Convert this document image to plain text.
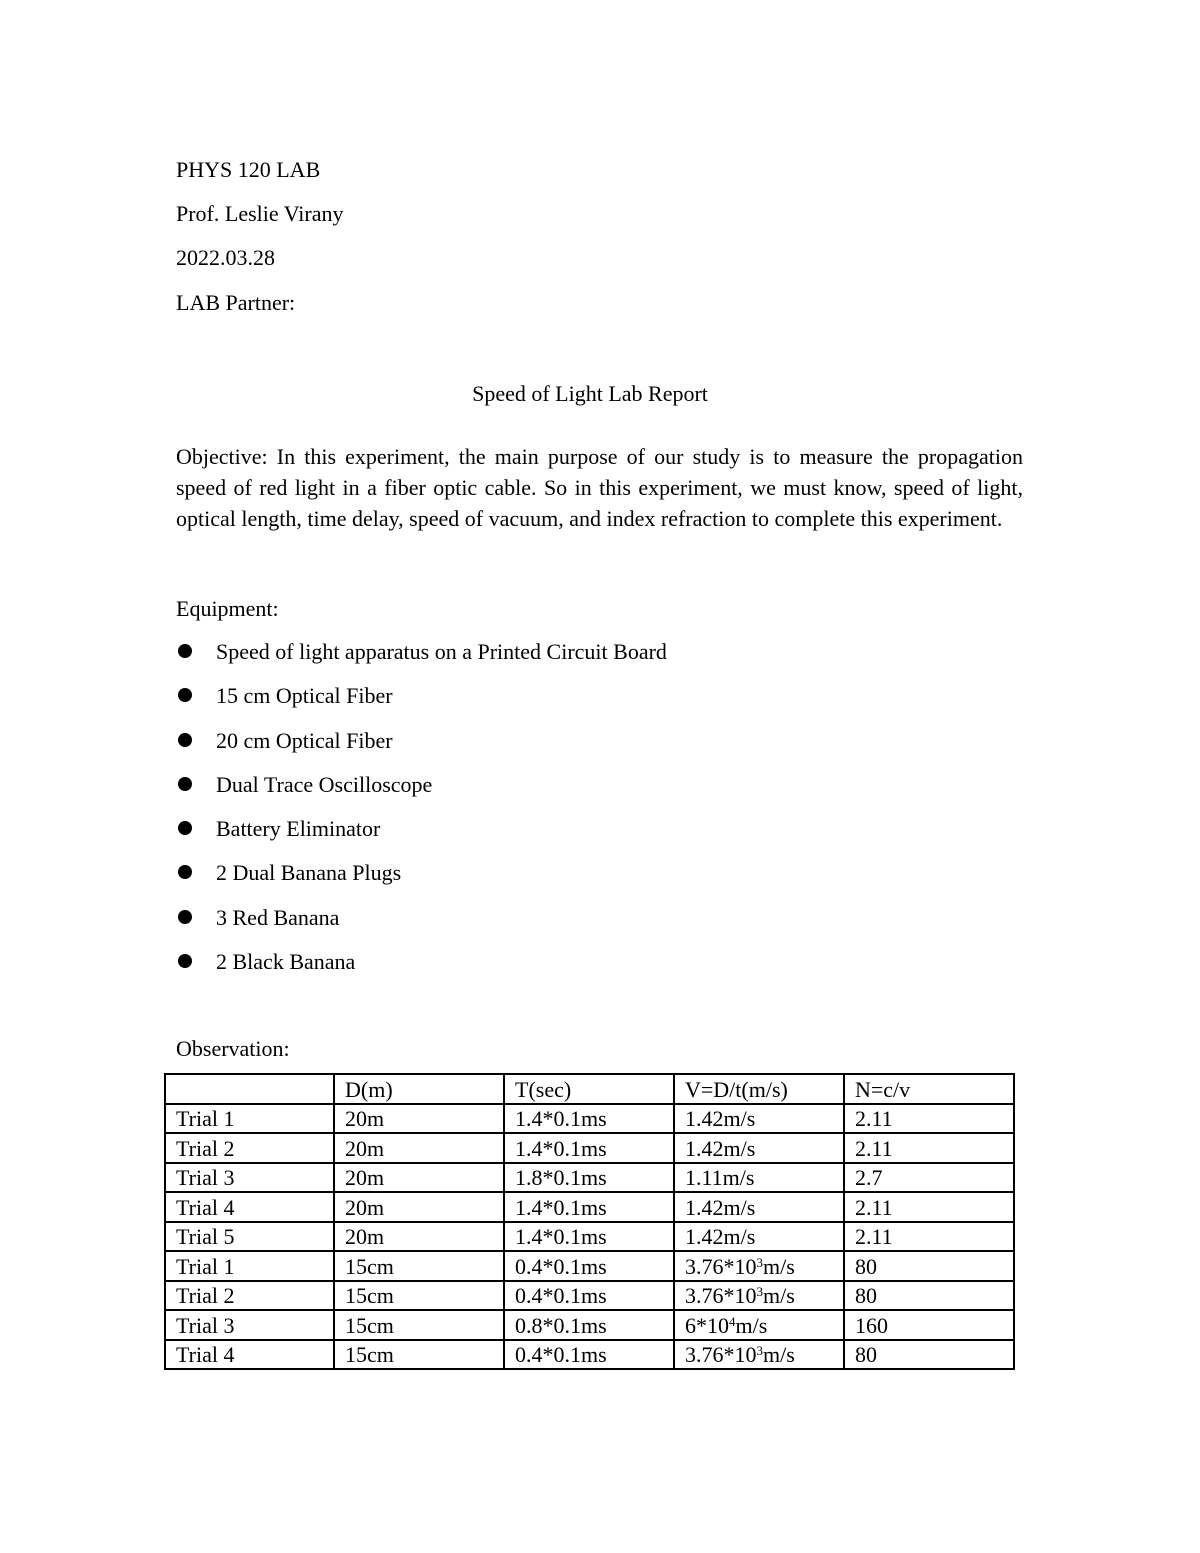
PHYS 120 LAB

Prof. Leslie Virany

2022.03.28

LAB Partner:

Speed of Light Lab Report

Objective: In this experiment, the main purpose of our study is to measure the propagation speed of red light in a fiber optic cable. So in this experiment, we must know, speed of light, optical length, time delay, speed of vacuum, and index refraction to complete this experiment.

Equipment:

Speed of light apparatus on a Printed Circuit Board
15 cm Optical Fiber
20 cm Optical Fiber
Dual Trace Oscilloscope
Battery Eliminator
2 Dual Banana Plugs
3 Red Banana
2 Black Banana

Observation:

	D(m)	T(sec)	V=D/t(m/s)	N=c/v
Trial 1	20m	1.4*0.1ms	1.42m/s	2.11
Trial 2	20m	1.4*0.1ms	1.42m/s	2.11
Trial 3	20m	1.8*0.1ms	1.11m/s	2.7
Trial 4	20m	1.4*0.1ms	1.42m/s	2.11
Trial 5	20m	1.4*0.1ms	1.42m/s	2.11
Trial 1	15cm	0.4*0.1ms	$3.76*10^3m/s$	80
Trial 2	15cm	0.4*0.1ms	$3.76*10^3m/s$	80
Trial 3	15cm	0.8*0.1ms	$6*10^4m/s$	160
Trial 4	15cm	0.4*0.1ms	$3.76*10^3m/s$	80
